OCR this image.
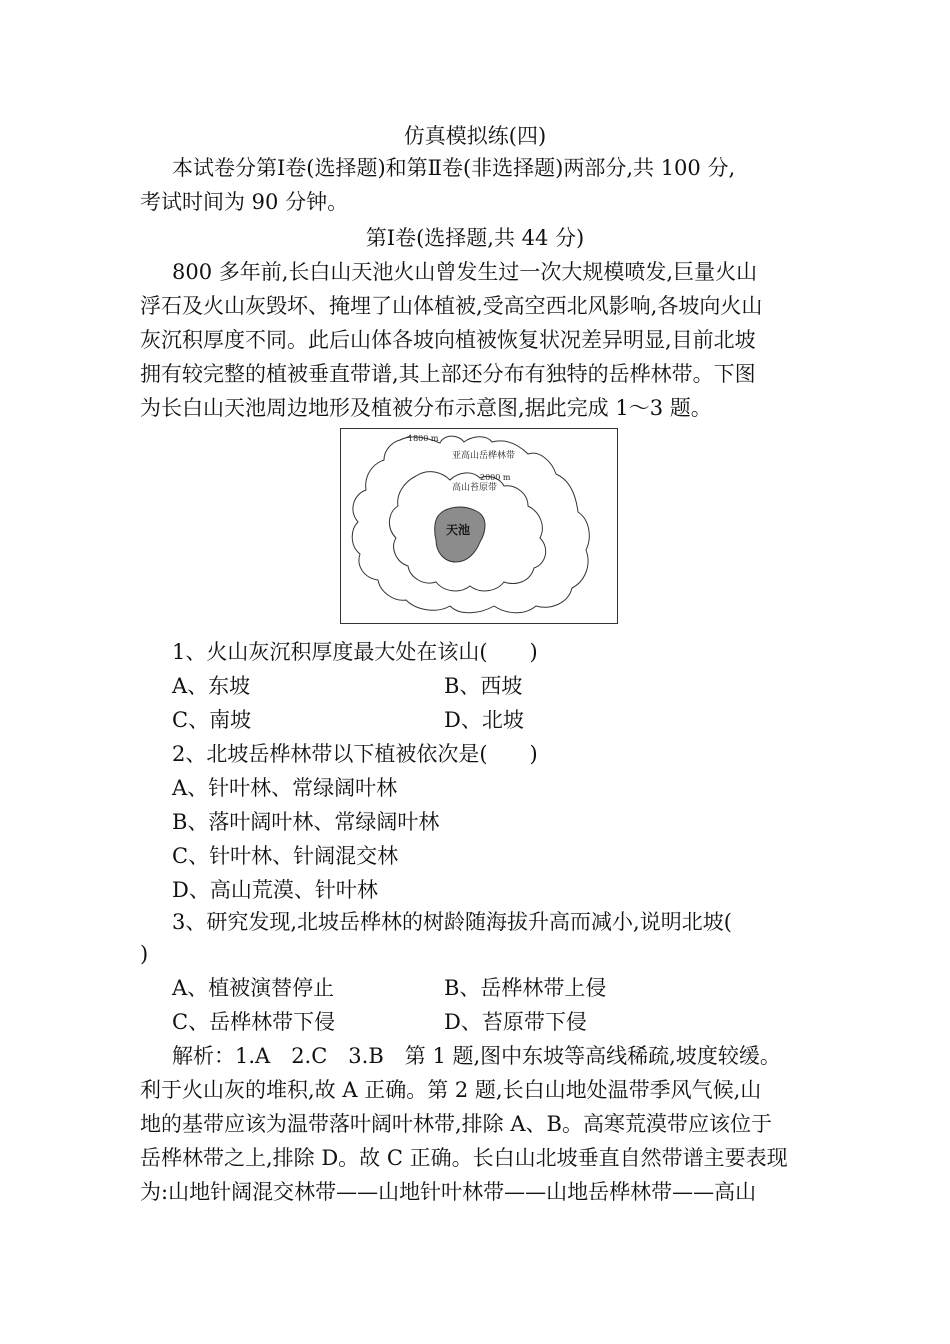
仿真模拟练(四)
本试卷分第Ⅰ卷(选择题)和第Ⅱ卷(非选择题)两部分,共 100 分,
考试时间为 90 分钟。
第Ⅰ卷(选择题,共 44 分)
800 多年前,长白山天池火山曾发生过一次大规模喷发,巨量火山
浮石及火山灰毁坏、掩埋了山体植被,受高空西北风影响,各坡向火山
灰沉积厚度不同。此后山体各坡向植被恢复状况差异明显,目前北坡
拥有较完整的植被垂直带谱,其上部还分布有独特的岳桦林带。下图
为长白山天池周边地形及植被分布示意图,据此完成 1～3 题。
1800 m
亚高山岳桦林带
2000 m
高山苔原带
天池
1、火山灰沉积厚度最大处在该山(　　)
A、东坡	B、西坡
C、南坡	D、北坡
2、北坡岳桦林带以下植被依次是(　　)
A、针叶林、常绿阔叶林
B、落叶阔叶林、常绿阔叶林
C、针叶林、针阔混交林
D、高山荒漠、针叶林
3、研究发现,北坡岳桦林的树龄随海拔升高而减小,说明北坡(
)
A、植被演替停止	B、岳桦林带上侵
C、岳桦林带下侵	D、苔原带下侵
解析：1.A　2.C　3.B　第 1 题,图中东坡等高线稀疏,坡度较缓。
利于火山灰的堆积,故 A 正确。第 2 题,长白山地处温带季风气候,山
地的基带应该为温带落叶阔叶林带,排除 A、B。高寒荒漠带应该位于
岳桦林带之上,排除 D。故 C 正确。长白山北坡垂直自然带谱主要表现
为:山地针阔混交林带——山地针叶林带——山地岳桦林带——高山
